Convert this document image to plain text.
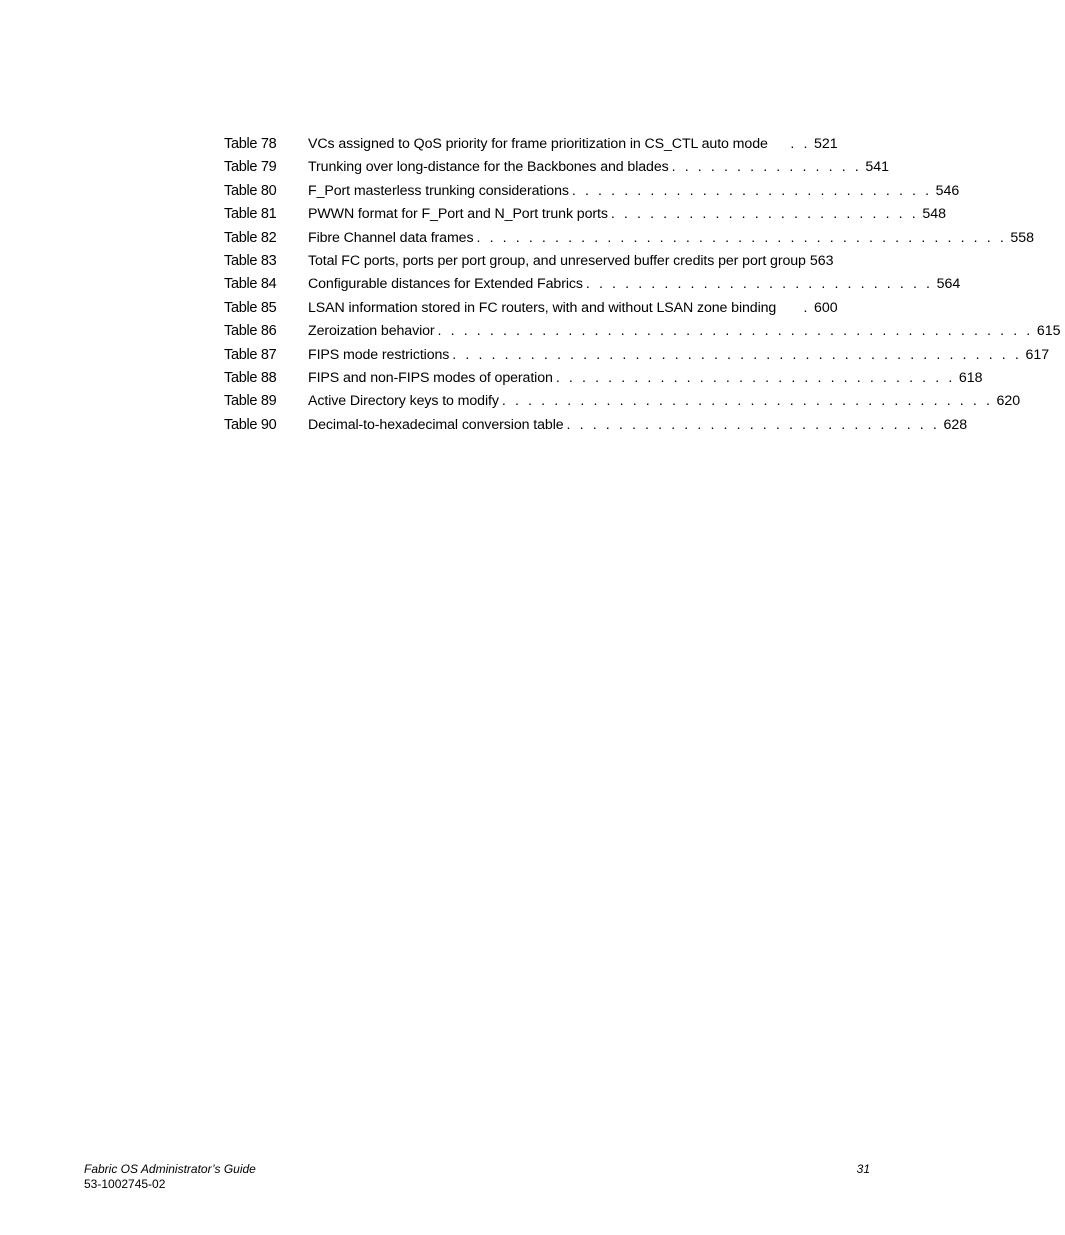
Table 78 VCs assigned to QoS priority for frame prioritization in CS_CTL auto mode	. . 521
Table 79 Trunking over long-distance for the Backbones and blades . . . . . . . . . . . . . . . 541
Table 80 F_Port masterless trunking considerations . . . . . . . . . . . . . . . . . . . . . . . . . . . . 546
Table 81 PWWN format for F_Port and N_Port trunk ports . . . . . . . . . . . . . . . . . . . . . . . . 548
Table 82 Fibre Channel data frames . . . . . . . . . . . . . . . . . . . . . . . . . . . . . . . . . . . . . . . . . 558
Table 83 Total FC ports, ports per port group, and unreserved buffer credits per port group 563
Table 84 Configurable distances for Extended Fabrics . . . . . . . . . . . . . . . . . . . . . . . . . . . 564
Table 85 LSAN information stored in FC routers, with and without LSAN zone binding	. 600
Table 86 Zeroization behavior . . . . . . . . . . . . . . . . . . . . . . . . . . . . . . . . . . . . . . . . . . . . . . 615
Table 87 FIPS mode restrictions . . . . . . . . . . . . . . . . . . . . . . . . . . . . . . . . . . . . . . . . . . . . 617
Table 88 FIPS and non-FIPS modes of operation . . . . . . . . . . . . . . . . . . . . . . . . . . . . . . . 618
Table 89 Active Directory keys to modify . . . . . . . . . . . . . . . . . . . . . . . . . . . . . . . . . . . . . . 620
Table 90 Decimal-to-hexadecimal conversion table . . . . . . . . . . . . . . . . . . . . . . . . . . . . . 628
Fabric OS Administrator’s Guide
53-1002745-02
31
